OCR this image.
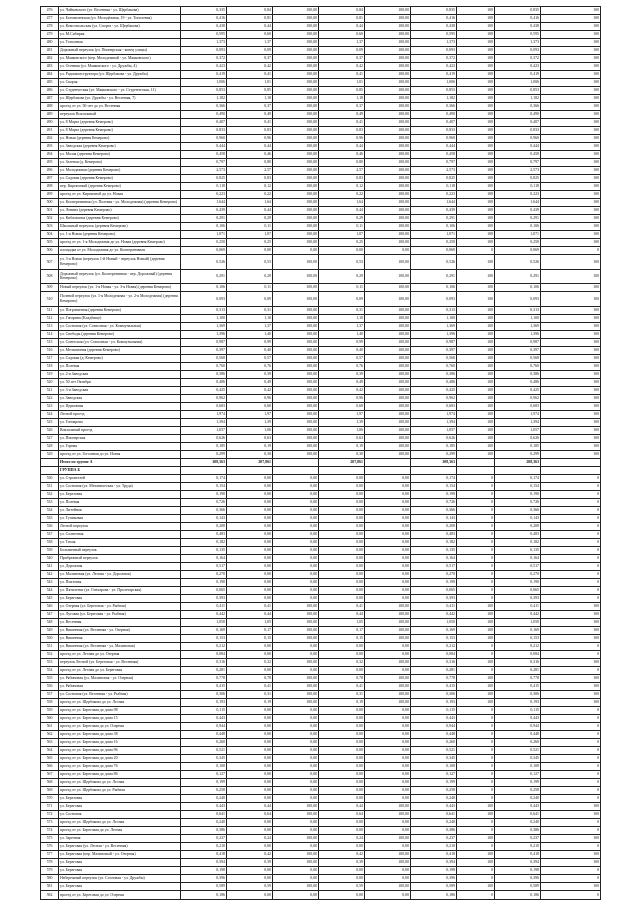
476	ул. Чайковского (ул. Весенняя - ул. Щербакова)	0,335	0,84	100,00	0,84	100,00	0,835	100	0,835	100
477	ул. Богоявленская (ул. Молодёжная, 19 - ул. Тополевая)	0,416	0,81	100,00	0,81	100,00	0,416	100	0,416	100
478	ул. Комсомольская (ул. Спорта - ул. Щербакова)	0,438	0,44	100,00	0,44	100,00	0,438	100	0,438	100
479	ул. М.Сибиряк	0,595	0,60	100,00	0,60	100,00	0,595	100	0,595	100
480	ул. Тополевая	1,373	1,37	100,00	1,37	100,00	1,373	100	1,373	100
481	Дорожный переулок (ул. Пионерская - конец улицы)	0,093	0,09	100,00	0,09	100,00	0,093	100	0,093	100
482	ул. Маяковского (пер. Молодежный - ул. Маяковского)	0,372	0,37	100,00	0,37	100,00	0,372	100	0,372	100
483	ул. Осенняя (ул. Маяковского - ул. Дружбы, 4)	0,423	0,42	100,00	0,42	100,00	0,423	100	0,423	100
484	ул. Радиоконструктора (ул. Щербакова - ул. Дружбы)	0,419	0,41	100,00	0,41	100,00	0,419	100	0,419	100
485	ул. Скорая	1,006	1,01	100,00	1,01	100,00	1,006	100	1,006	100
486	ул. Студенческая (ул. Маяковского - ул. Студенческая, 11)	0,853	0,85	100,00	0,85	100,00	0,853	100	0,853	100
487	ул. Щербакова (ул. Дружбы - ул. Весенняя, 7)	1,182	1,18	100,00	1,18	100,00	1,182	100	1,182	100
488	проезд от ул. 50-лет до ул. Весенняя	0,366	0,37	100,00	0,37	100,00	0,366	100	0,366	100
489	переулок Вокзальный	0,490	0,49	100,00	0,49	100,00	0,490	100	0,490	100
490	ул. 8 Марта (деревня Кемерово)	0,407	0,41	100,00	0,41	100,00	0,407	100	0,407	100
491	ул. 8 Марта (деревня Кемерово)	0,833	0,83	100,00	0,83	100,00	0,833	100	0,833	100
492	ул. Новая (деревня Кемерово)	0,960	0,96	100,00	0,96	100,00	0,960	100	0,960	100
493	ул. Заводская (деревня Кемерово)	0,444	0,44	100,00	0,44	100,00	0,444	100	0,444	100
494	ул. Малая (деревня Кемерово)	0,458	0,46	100,00	0,46	100,00	0,458	100	0,458	100
495	ул. Зеленая (д. Кемерово)	0,797	0,80	100,00	0,80	100,00	0,797	100	0,797	100
496	ул. Молодежная (деревня Кемерово)	2,573	2,57	100,00	2,57	100,00	2,573	100	2,573	100
497	ул. Садовая (деревня Кемерово)	0,825	0,83	100,00	0,83	100,00	0,825	100	0,825	100
498	пер. Кирпичный (деревня Кемерово)	0,118	0,12	100,00	0,12	100,00	0,118	100	0,118	100
499	проезд от ул. Кирпичной до ул. Новая	0,223	0,22	100,00	0,22	100,00	0,223	100	0,223	100
500	ул. Кооперативная (ул. Полевая - ул. Молодежная) (деревня Кемерово)	1,644	1,64	100,00	1,64	100,00	1,644	100	1,644	100
501	ул. Ленина (деревня Кемерово)	0,439	0,44	100,00	0,44	100,00	0,439	100	0,439	100
502	ул. Кибальчича (деревня Кемерово)	0,291	0,29	100,00	0,29	100,00	0,291	100	0,291	100
503	Школьный переулок (деревня Кемерово)	0,106	0,11	100,00	0,11	100,00	0,106	100	0,106	100
504	ул. 1-я Новая (деревня Кемерово)	1,071	1,07	100,00	1,07	100,00	1,071	100	1,071	100
505	проезд от ул. 1-я Молодежная до ул. Новая (деревня Кемерово)	0,250	0,25	100,00	0,25	100,00	0,250	100	0,250	100
506	площадка от ул. Молодежная до ул. Кооперативная	0,069	0,00	0,00	0,00	0,00	0,069	0	0,069	0
507	ул. 3-я Новая (переулок 1-й Новый - переулок Новый) (деревня Кемерово)	0,526	0,53	100,00	0,53	100,00	0,526	100	0,526	100
508	Дорожный переулок (ул. Кооперативная - пер. Дорожный) (деревня Кемерово)	0,291	0,29	100,00	0,29	100,00	0,291	100	0,291	100
509	Новый переулок (ул. 1-я Новая - ул. 3-я Новая) (деревня Кемерово)	0,106	0,11	100,00	0,11	100,00	0,106	100	0,106	100
510	Полевой переулок (ул. 1-я Молодежная - ул. 2-я Молодежная) (деревня Кемерово)	0,093	0,09	100,00	0,09	100,00	0,093	100	0,093	100
511	ул. Пограничная (деревня Кемерово)	0,313	0,31	100,00	0,31	100,00	0,313	100	0,313	100
512	ул. Гагарина (Кладбище)	1,100	1,10	100,00	1,10	100,00	1,100	100	1,100	100
513	ул. Сосновая (ул. Совхозная - ул. Коммунальная)	1,369	1,37	100,00	1,37	100,00	1,369	100	1,369	100
514	ул. Свободы (деревня Кемерово)	1,396	1,40	100,00	1,40	100,00	1,396	100	1,396	100
515	ул. Советская (ул. Совхозная - ул. Коммунальная)	0,987	0,99	100,00	0,99	100,00	0,987	100	0,987	100
516	ул. Мельничная (деревня Кемерово)	0,397	0,40	100,00	0,40	100,00	0,397	100	0,397	100
517	ул. Садовая (д. Кемерово)	0,568	0,57	100,00	0,57	100,00	0,568	100	0,568	100
518	ул. Полевая	0,760	0,76	100,00	0,76	100,00	0,760	100	0,760	100
519	ул. 2-я Заводская	0,386	0,39	100,00	0,39	100,00	0,386	100	0,386	100
520	ул. 50 лет Октября	0,486	0,49	100,00	0,49	100,00	0,486	100	0,486	100
521	ул. 3-я Заводская	0,425	0,42	100,00	0,42	100,00	0,425	100	0,425	100
522	ул. Заводская	0,962	0,96	100,00	0,96	100,00	0,962	100	0,962	100
523	ул. Церковная	0,683	0,68	100,00	0,68	100,00	0,683	100	0,683	100
524	Лесной проезд	1,974	1,97	100,00	1,97	100,00	1,974	100	1,974	100
525	ул. Гончарова	1,394	1,39	100,00	1,39	100,00	1,394	100	1,394	100
526	Вокзальный проезд	1,057	1,06	100,00	1,06	100,00	1,057	100	1,057	100
527	ул. Пионерская	0,626	0,63	100,00	0,63	100,00	0,626	100	0,626	100
528	ул. Горная	0,185	0,19	100,00	0,19	100,00	0,185	100	0,185	100
529	проезд от ул. Гоголевая до ул. Новая	0,299	0,30	100,00	0,30	100,00	0,299	100	0,299	100
	Итого по группе А	208,363	207,861		207,861		208,363		208,363	
	ГРУППА Б									
530	ул. Строителей	0,174	0,00	0,00	0,00	0,00	0,174	0	0,174	0
531	ул. Сосновая (ул. Механическая - ул. Труда)	0,154	0,00	0,00	0,00	0,00	0,154	0	0,154	0
532	ул. Березовая	0,190	0,00	0,00	0,00	0,00	0,190	0	0,190	0
533	ул. Полевая	0,726	0,00	0,00	0,00	0,00	0,726	0	0,726	0
534	ул. Литейная	0,366	0,00	0,00	0,00	0,00	0,366	0	0,366	0
535	ул. Тупиковая	0,143	0,00	0,00	0,00	0,00	0,143	0	0,143	0
536	Лесной переулок	0,208	0,00	0,00	0,00	0,00	0,208	0	0,208	0
537	ул. Солнечная	0,483	0,00	0,00	0,00	0,00	0,483	0	0,483	0
538	ул. Тихая	0,182	0,00	0,00	0,00	0,00	0,182	0	0,182	0
539	Больничный переулок	0,135	0,00	0,00	0,00	0,00	0,135	0	0,135	0
540	Прибрежный переулок	0,164	0,00	0,00	0,00	0,00	0,164	0	0,164	0
541	ул. Дорожная	0,517	0,00	0,00	0,00	0,00	0,517	0	0,517	0
542	ул. Малиновая (ул. Лесная - ул. Дорожная)	0,270	0,00	0,00	0,00	0,00	0,270	0	0,270	0
543	ул. Пихтовая	0,190	0,00	0,00	0,00	0,00	0,190	0	0,190	0
544	ул. Пятилетки (ул. Гончарова - ул. Пролетарская)	0,065	0,00	0,00	0,00	0,00	0,065	0	0,065	0
545	ул. Береговая	0,393	0,00	0,00	0,00	0,00	0,393	0	0,393	0
546	ул. Озерная (ул. Береговая - ул. Рыбная)	0,411	0,41	100,00	0,41	100,00	0,411	100	0,411	100
547	ул. Луговая (ул. Береговая - ул. Рыбная)	0,442	0,44	100,00	0,44	100,00	0,442	100	0,442	100
548	ул. Весенняя	1,050	1,05	100,00	1,05	100,00	1,050	100	1,050	100
549	ул. Вишневая (ул. Весенняя - ул. Озерная)	0,169	0,17	100,00	0,17	100,00	0,169	100	0,169	100
550	ул. Вишневая	0,153	0,15	100,00	0,15	100,00	0,153	100	0,153	100
551	ул. Вишневая (ул. Весенняя - ул. Малиновая)	0,212	0,00	0,00	0,00	0,00	0,212	0	0,212	0
552	проезд от ул. Лесная до ул. Озерная	0,084	0,00	0,00	0,00	0,00	0,084	0	0,084	0
553	переулок Лесной (ул. Береговая - ул. Весенняя)	0,316	0,32	100,00	0,32	100,00	0,316	100	0,316	100
554	проезд от ул. Лесная до ул. Береговая	0,281	0,00	0,00	0,00	0,00	0,281	0	0,281	0
555	ул. Рябиновая (ул. Малиновая - ул. Озерная)	0,778	0,78	100,00	0,78	100,00	0,778	100	0,778	100
556	ул. Рябиновая	0,415	0,41	100,00	0,41	100,00	0,415	100	0,415	100
557	ул. Сосновая (ул. Весенняя - ул. Рыбная)	0,306	0,31	100,00	0,31	100,00	0,306	100	0,306	100
558	проезд от ул. Щербакова до ул. Лесная	0,193	0,19	100,00	0,19	100,00	0,193	100	0,193	100
559	проезд от ул. Береговая до дома 98	0,115	0,00	0,00	0,00	0,00	0,115	0	0,115	0
560	проезд от ул. Береговая до дома 15	0,443	0,00	0,00	0,00	0,00	0,443	0	0,443	0
561	проезд от ул. Береговая до ул. Озерная	0,944	0,00	0,00	0,00	0,00	0,944	0	0,944	0
562	проезд от ул. Береговая до дома 38	0,448	0,00	0,00	0,00	0,00	0,448	0	0,448	0
563	проезд от ул. Береговая до дома 16	0,260	0,00	0,00	0,00	0,00	0,260	0	0,260	0
564	проезд от ул. Береговая до дома 96	0,521	0,00	0,00	0,00	0,00	0,521	0	0,521	0
565	проезд от ул. Береговая до дома 20	0,345	0,00	0,00	0,00	0,00	0,345	0	0,345	0
566	проезд от ул. Береговая до дома 76	0,108	0,00	0,00	0,00	0,00	0,108	0	0,108	0
567	проезд от ул. Береговая до дома 86	0,127	0,00	0,00	0,00	0,00	0,127	0	0,127	0
568	проезд от ул. Щербакова до ул. Лесная	0,199	0,00	0,00	0,00	0,00	0,199	0	0,199	0
569	проезд от ул. Щербакова до ул. Рыбная	0,258	0,00	0,00	0,00	0,00	0,258	0	0,258	0
570	ул. Березовая	0,240	0,00	0,00	0,00	0,00	0,240	0	0,240	0
571	ул. Береговая	0,443	0,44	100,00	0,44	100,00	0,443	100	0,443	100
572	ул. Сосновая	0,641	0,64	100,00	0,64	100,00	0,641	100	0,641	100
573	проезд от ул. Щербакова до ул. Лесная	0,240	0,00	0,00	0,00	0,00	0,240	0	0,240	0
574	проезд от ул. Береговая до ул. Лесная	0,386	0,00	0,00	0,00	0,00	0,386	0	0,386	0
575	ул. Заречная	0,237	0,24	100,00	0,24	100,00	0,237	100	0,237	100
576	ул. Береговая (ул. Лесная - ул. Весенняя)	0,210	0,00	0,00	0,00	0,00	0,210	0	0,210	0
577	ул. Береговая (пер. Малиновый - ул. Озерная)	0,418	0,42	100,00	0,42	100,00	0,418	100	0,418	100
578	ул. Береговая	0,394	0,39	100,00	0,39	100,00	0,394	100	0,394	100
579	ул. Береговая	0,198	0,00	0,00	0,00	0,00	0,198	0	0,198	0
580	Набережный переулок (ул. Сосновая - ул. Дружбы)	0,396	0,00	0,00	0,00	0,00	0,396	0	0,396	0
581	ул. Береговая	0,589	0,59	100,00	0,59	100,00	0,589	100	0,589	100
582	проезд от ул. Береговая до ул. Озерная	0,186	0,00	0,00	0,00	0,00	0,186	0	0,186	0
